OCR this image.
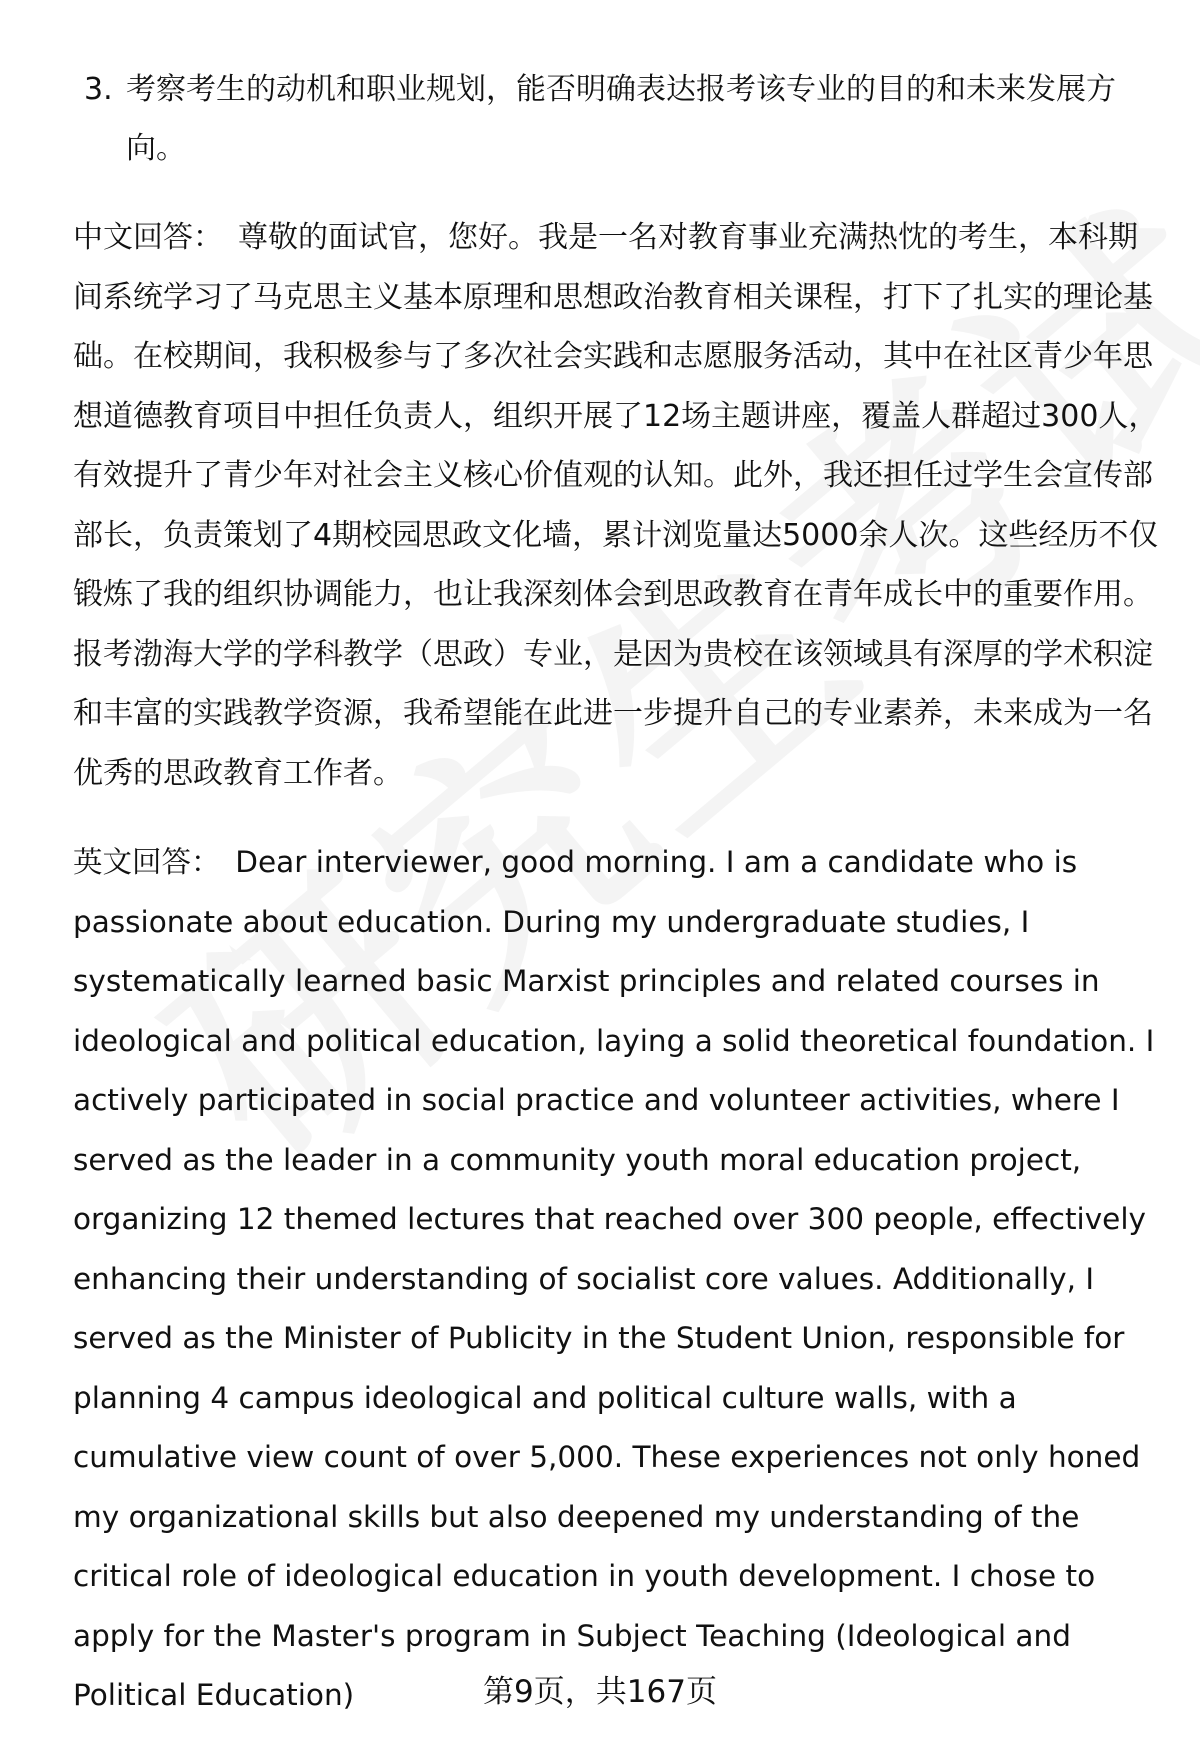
3. 考察考生的动机和职业规划，能否明确表达报考该专业的目的和未来发展方向。
中文回答： 尊敬的面试官，您好。我是一名对教育事业充满热忱的考生，本科期间系统学习了马克思主义基本原理和思想政治教育相关课程，打下了扎实的理论基础。在校期间，我积极参与了多次社会实践和志愿服务活动，其中在社区青少年思想道德教育项目中担任负责人，组织开展了12场主题讲座，覆盖人群超过300人，有效提升了青少年对社会主义核心价值观的认知。此外，我还担任过学生会宣传部部长，负责策划了4期校园思政文化墙，累计浏览量达5000余人次。这些经历不仅锻炼了我的组织协调能力，也让我深刻体会到思政教育在青年成长中的重要作用。报考渤海大学的学科教学（思政）专业，是因为贵校在该领域具有深厚的学术积淀和丰富的实践教学资源，我希望能在此进一步提升自己的专业素养，未来成为一名优秀的思政教育工作者。
英文回答： Dear interviewer, good morning. I am a candidate who is passionate about education. During my undergraduate studies, I systematically learned basic Marxist principles and related courses in ideological and political education, laying a solid theoretical foundation. I actively participated in social practice and volunteer activities, where I served as the leader in a community youth moral education project, organizing 12 themed lectures that reached over 300 people, effectively enhancing their understanding of socialist core values. Additionally, I served as the Minister of Publicity in the Student Union, responsible for planning 4 campus ideological and political culture walls, with a cumulative view count of over 5,000. These experiences not only honed my organizational skills but also deepened my understanding of the critical role of ideological education in youth development. I chose to apply for the Master's program in Subject Teaching (Ideological and Political Education)	第9页，共167页
